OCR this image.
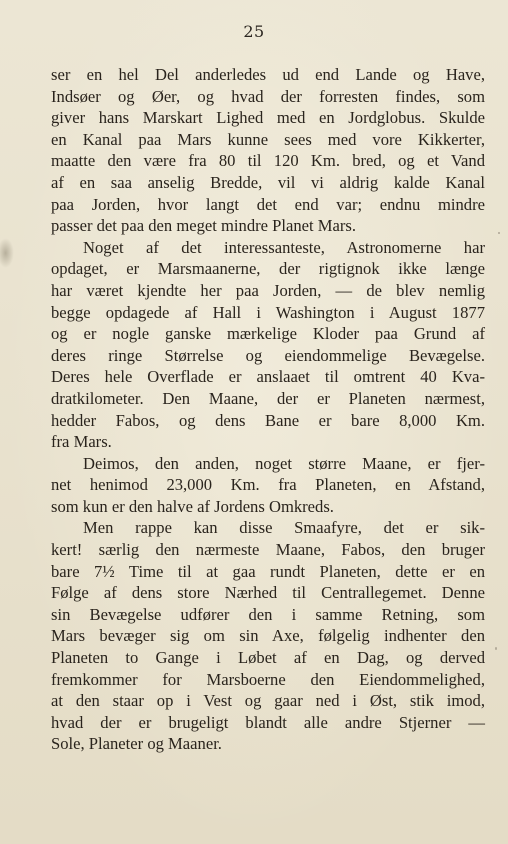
25
ser en hel Del anderledes ud end Lande og Have,
Indsøer og Øer, og hvad der forresten findes, som
giver hans Marskart Lighed med en Jordglobus. Skulde
en Kanal paa Mars kunne sees med vore Kikkerter,
maatte den være fra 80 til 120 Km. bred, og et Vand
af en saa anselig Bredde, vil vi aldrig kalde Kanal
paa Jorden, hvor langt det end var; endnu mindre
passer det paa den meget mindre Planet Mars.
Noget af det interessanteste, Astronomerne har
opdaget, er Marsmaanerne, der rigtignok ikke længe
har været kjendte her paa Jorden, — de blev nemlig
begge opdagede af Hall i Washington i August 1877
og er nogle ganske mærkelige Kloder paa Grund af
deres ringe Størrelse og eiendommelige Bevægelse.
Deres hele Overflade er anslaaet til omtrent 40 Kva-
dratkilometer. Den Maane, der er Planeten nærmest,
hedder Fabos, og dens Bane er bare 8,000 Km.
fra Mars.
Deimos, den anden, noget større Maane, er fjer-
net henimod 23,000 Km. fra Planeten, en Afstand,
som kun er den halve af Jordens Omkreds.
Men rappe kan disse Smaafyre, det er sik-
kert! særlig den nærmeste Maane, Fabos, den bruger
bare 7½ Time til at gaa rundt Planeten, dette er en
Følge af dens store Nærhed til Centrallegemet. Denne
sin Bevægelse udfører den i samme Retning, som
Mars bevæger sig om sin Axe, følgelig indhenter den
Planeten to Gange i Løbet af en Dag, og derved
fremkommer for Marsboerne den Eiendommelighed,
at den staar op i Vest og gaar ned i Øst, stik imod,
hvad der er brugeligt blandt alle andre Stjerner —
Sole, Planeter og Maaner.
